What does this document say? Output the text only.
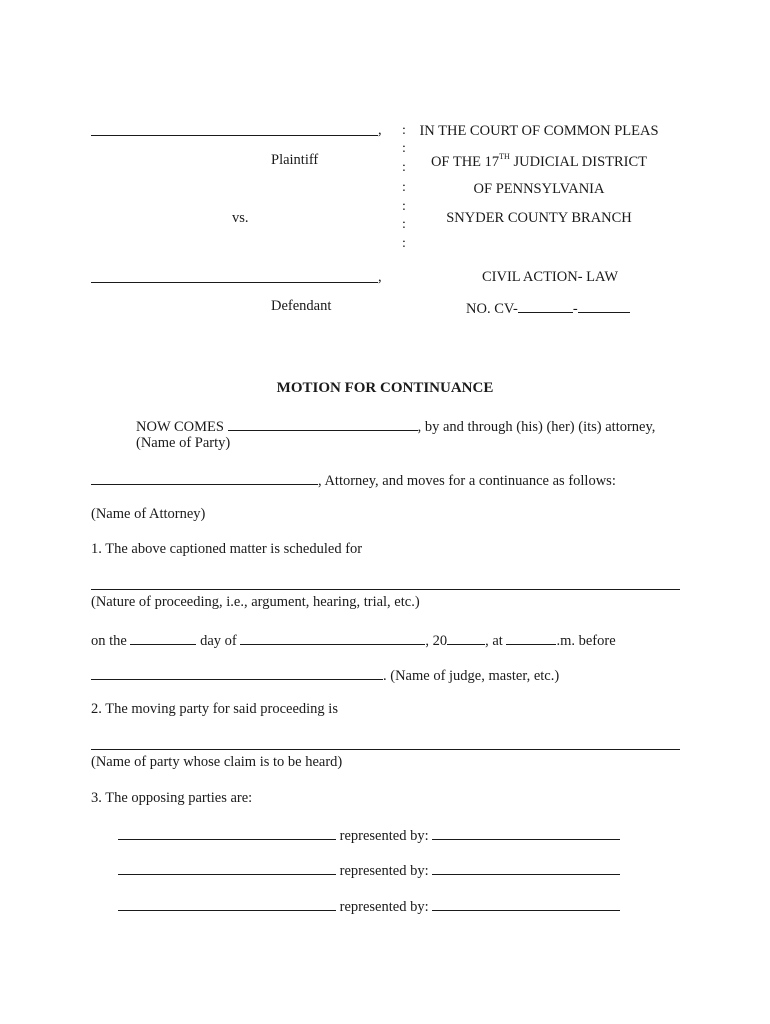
,
Plaintiff
vs.
,
Defendant
:
:
:
:
:
:
:
IN THE COURT OF COMMON PLEAS
OF THE 17TH JUDICIAL DISTRICT
OF PENNSYLVANIA
SNYDER COUNTY BRANCH
CIVIL ACTION- LAW
NO. CV-	-
MOTION FOR CONTINUANCE
NOW COMES	, by and through (his) (her) (its) attorney,
(Name of Party)
, Attorney, and moves for a continuance as follows:
(Name of Attorney)
1. The above captioned matter is scheduled for
(Nature of proceeding, i.e., argument, hearing, trial, etc.)
on the	day of	, 20	, at	.m. before
. (Name of judge, master, etc.)
2. The moving party for said proceeding is
(Name of party whose claim is to be heard)
3. The opposing parties are:
represented by:
represented by:
represented by:
